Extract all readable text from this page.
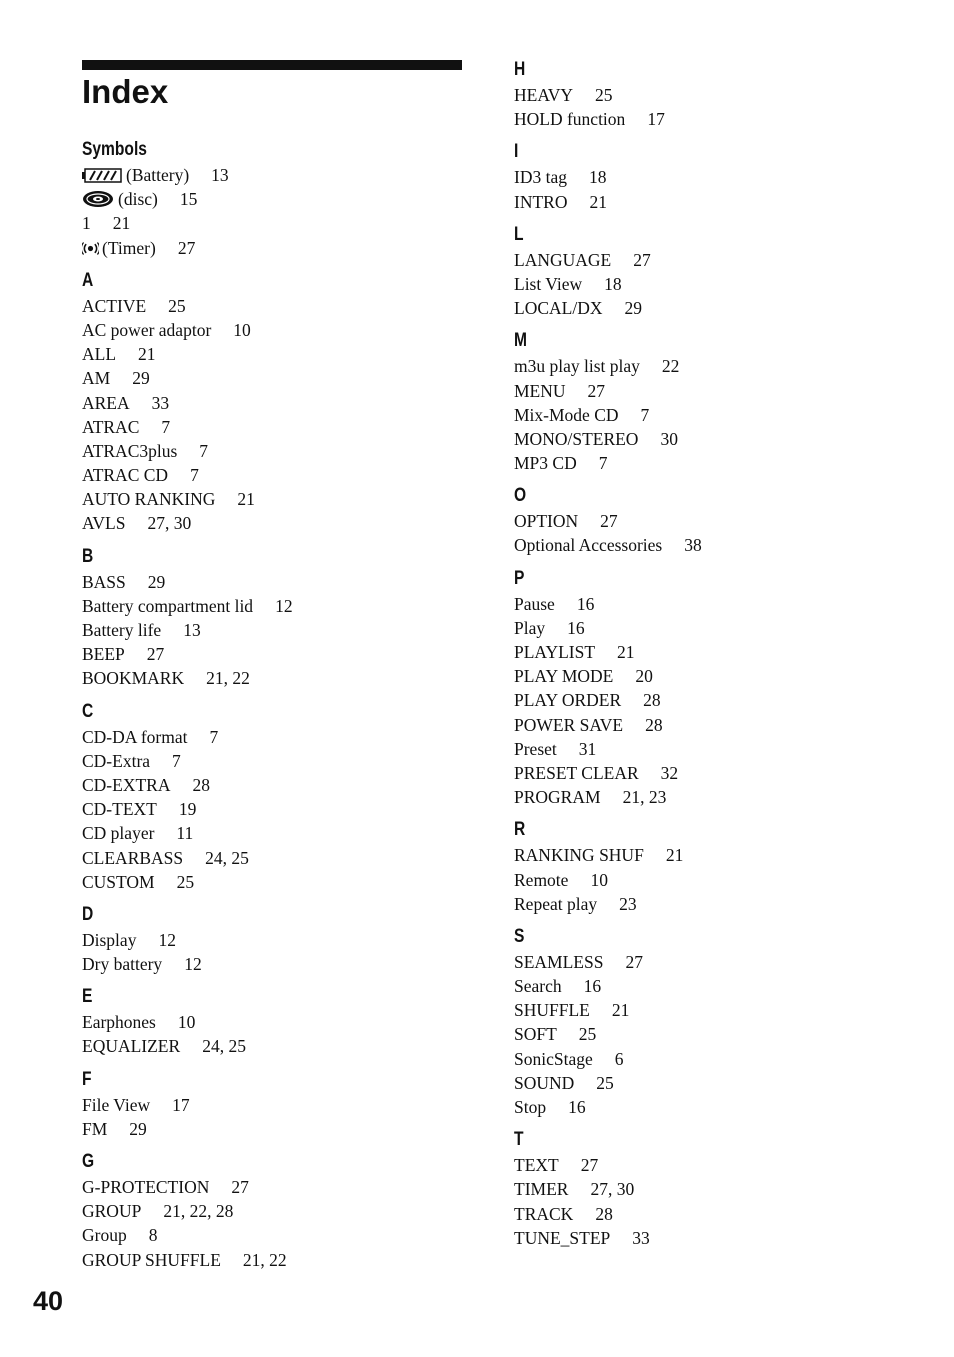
Index
Symbols
(Battery) 13
(disc) 15
1 21
(Timer) 27
A
ACTIVE 25
AC power adaptor 10
ALL 21
AM 29
AREA 33
ATRAC 7
ATRAC3plus 7
ATRAC CD 7
AUTO RANKING 21
AVLS 27, 30
B
BASS 29
Battery compartment lid 12
Battery life 13
BEEP 27
BOOKMARK 21, 22
C
CD-DA format 7
CD-Extra 7
CD-EXTRA 28
CD-TEXT 19
CD player 11
CLEARBASS 24, 25
CUSTOM 25
D
Display 12
Dry battery 12
E
Earphones 10
EQUALIZER 24, 25
F
File View 17
FM 29
G
G-PROTECTION 27
GROUP 21, 22, 28
Group 8
GROUP SHUFFLE 21, 22
H
HEAVY 25
HOLD function 17
I
ID3 tag 18
INTRO 21
L
LANGUAGE 27
List View 18
LOCAL/DX 29
M
m3u play list play 22
MENU 27
Mix-Mode CD 7
MONO/STEREO 30
MP3 CD 7
O
OPTION 27
Optional Accessories 38
P
Pause 16
Play 16
PLAYLIST 21
PLAY MODE 20
PLAY ORDER 28
POWER SAVE 28
Preset 31
PRESET CLEAR 32
PROGRAM 21, 23
R
RANKING SHUF 21
Remote 10
Repeat play 23
S
SEAMLESS 27
Search 16
SHUFFLE 21
SOFT 25
SonicStage 6
SOUND 25
Stop 16
T
TEXT 27
TIMER 27, 30
TRACK 28
TUNE_STEP 33
40
